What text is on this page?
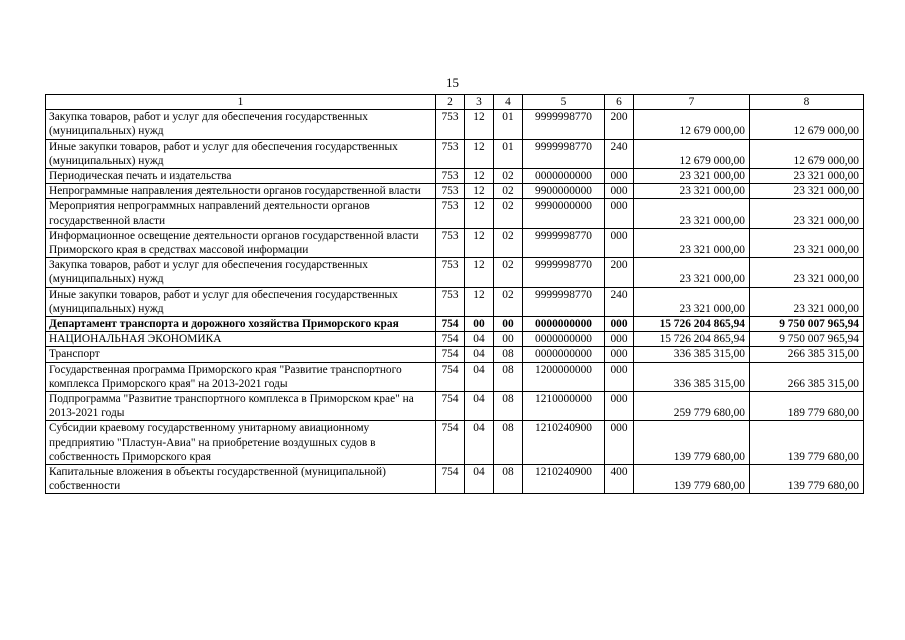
15
1	2	3	4	5	6	7	8
Закупка товаров, работ и услуг для обеспечения государственных (муниципальных) нужд	753	12	01	9999998770	200	12 679 000,00	12 679 000,00
Иные закупки товаров, работ и услуг для обеспечения государственных (муниципальных) нужд	753	12	01	9999998770	240	12 679 000,00	12 679 000,00
Периодическая печать и издательства	753	12	02	0000000000	000	23 321 000,00	23 321 000,00
Непрограммные направления деятельности органов государственной власти	753	12	02	9900000000	000	23 321 000,00	23 321 000,00
Мероприятия непрограммных направлений деятельности органов государственной власти	753	12	02	9990000000	000	23 321 000,00	23 321 000,00
Информационное освещение деятельности органов государственной власти Приморского края в средствах массовой информации	753	12	02	9999998770	000	23 321 000,00	23 321 000,00
Закупка товаров, работ и услуг для обеспечения государственных (муниципальных) нужд	753	12	02	9999998770	200	23 321 000,00	23 321 000,00
Иные закупки товаров, работ и услуг для обеспечения государственных (муниципальных) нужд	753	12	02	9999998770	240	23 321 000,00	23 321 000,00
Департамент транспорта и дорожного хозяйства Приморского края	754	00	00	0000000000	000	15 726 204 865,94	9 750 007 965,94
НАЦИОНАЛЬНАЯ ЭКОНОМИКА	754	04	00	0000000000	000	15 726 204 865,94	9 750 007 965,94
Транспорт	754	04	08	0000000000	000	336 385 315,00	266 385 315,00
Государственная программа Приморского края "Развитие транспортного комплекса Приморского края" на 2013-2021 годы	754	04	08	1200000000	000	336 385 315,00	266 385 315,00
Подпрограмма "Развитие транспортного комплекса в Приморском крае" на 2013-2021 годы	754	04	08	1210000000	000	259 779 680,00	189 779 680,00
Субсидии краевому государственному унитарному авиационному предприятию "Пластун-Авиа" на приобретение воздушных судов в собственность Приморского края	754	04	08	1210240900	000	139 779 680,00	139 779 680,00
Капитальные вложения в объекты государственной (муниципальной) собственности	754	04	08	1210240900	400	139 779 680,00	139 779 680,00
